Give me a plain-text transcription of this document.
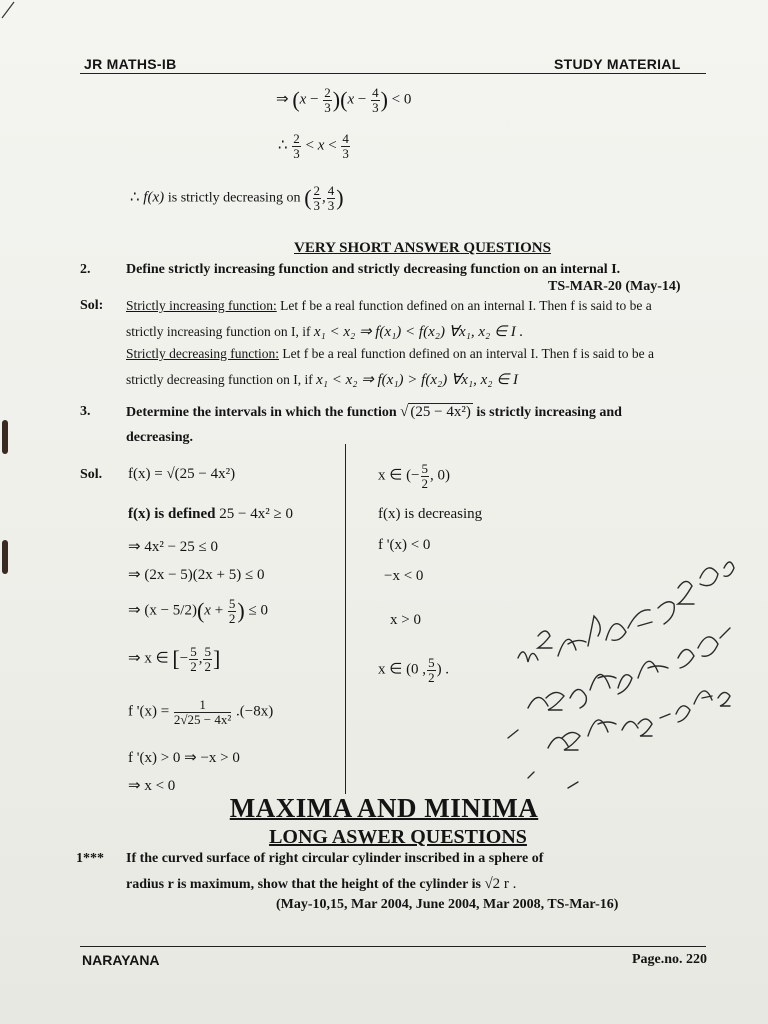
JR MATHS-IB	STUDY MATERIAL
⇒ $(x - \frac{2}{3} )(x - \frac{4}{3}$ ) < 0
∴ $\frac{2}{3} < x < \frac{4}{3}$
∴ f(x) is strictly decreasing on ( $\frac{2}{3}$ , $\frac{4}{3}$ )
VERY SHORT ANSWER QUESTIONS
2.	Define strictly increasing function and strictly decreasing function on an internal I.
TS-MAR-20 (May-14)
Sol: Strictly increasing function: Let f be a real function defined on an internal I. Then f is said to be a
strictly increasing function on I, if x₁ < x₂ ⇒ f(x₁) < f(x₂) ∀x₁, x₂ ∈ I .
Strictly decreasing function: Let f be a real function defined on an interval I. Then f is said to be a
strictly decreasing function on I, if x₁ < x₂ ⇒ f(x₁) > f(x₂) ∀x₁, x₂ ∈ I
3.	Determine the intervals in which the function √ (25 − 4x²) is strictly increasing and
decreasing.
Sol. f(x) = √(25 − 4x²)
f(x) is defined 25 − 4x² ≥ 0
⇒ 4x² − 25 ≤ 0
⇒ (2x − 5)(2x + 5) ≤ 0
⇒ $(x - 5/2)(x + \frac{5}{2}$ ) ≤ 0
⇒ x ∈ [− $\frac{5}{2}$ , $\frac{5}{2}$ ]
f '$(x) = \frac{1}{\text{2√25 − 4x²}} .(-8x)$
f '(x) > 0 ⇒ −x > 0
⇒ x < 0
x ∈ (− $\frac{5}{2}$ , 0)
f(x) is decreasing
f '(x) < 0
−x < 0
x > 0
x ∈ (0 , $\frac{5}{2}$ ) .
MAXIMA AND MINIMA
LONG ASWER QUESTIONS
1*** If the curved surface of right circular cylinder inscribed in a sphere of
radius r is maximum, show that the height of the cylinder is √2 r .
(May-10,15, Mar 2004, June 2004, Mar 2008, TS-Mar-16)
NARAYANA	Page.no. 220
